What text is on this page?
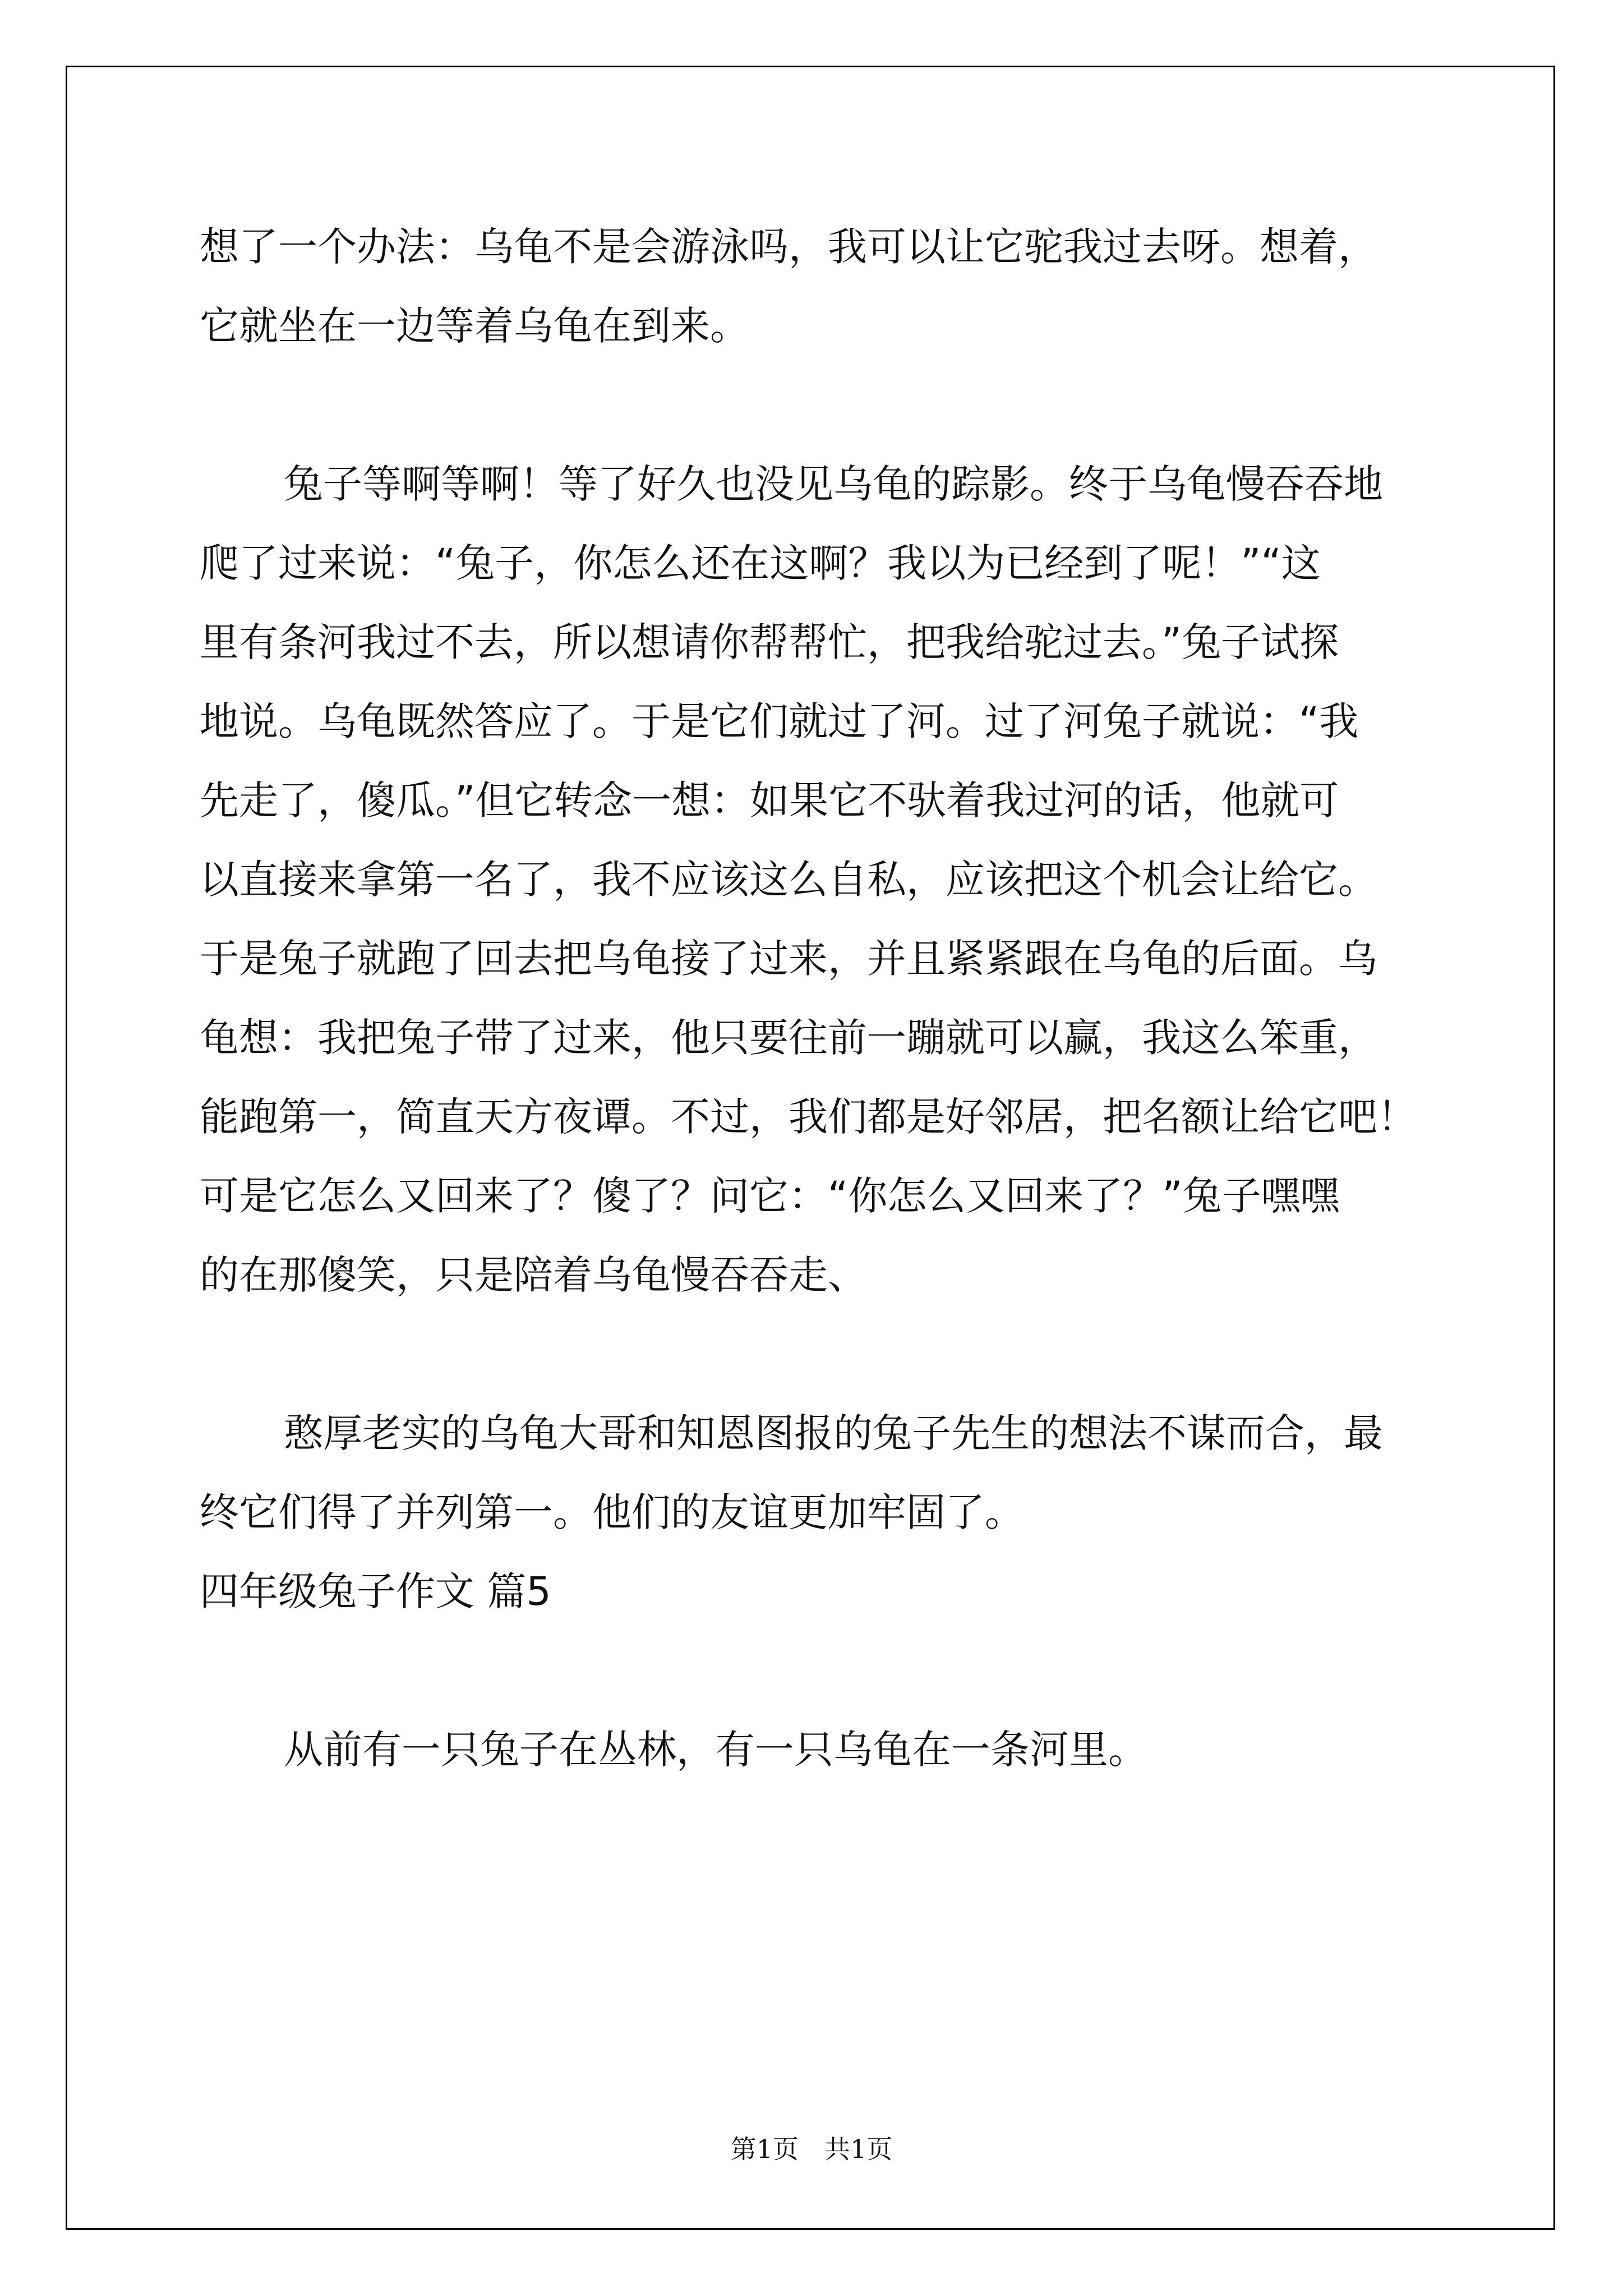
想了一个办法：乌龟不是会游泳吗，我可以让它驼我过去呀。想着，
它就坐在一边等着乌龟在到来。
兔子等啊等啊！等了好久也没见乌龟的踪影。终于乌龟慢吞吞地
爬了过来说：“兔子，你怎么还在这啊？我以为已经到了呢！”“这
里有条河我过不去，所以想请你帮帮忙，把我给驼过去。”兔子试探
地说。乌龟既然答应了。于是它们就过了河。过了河兔子就说：“我
先走了，傻瓜。”但它转念一想：如果它不驮着我过河的话，他就可
以直接来拿第一名了，我不应该这么自私，应该把这个机会让给它。
于是兔子就跑了回去把乌龟接了过来，并且紧紧跟在乌龟的后面。乌
龟想：我把兔子带了过来，他只要往前一蹦就可以赢，我这么笨重，
能跑第一，简直天方夜谭。不过，我们都是好邻居，把名额让给它吧！
可是它怎么又回来了？傻了？问它：“你怎么又回来了？”兔子嘿嘿
的在那傻笑，只是陪着乌龟慢吞吞走、
憨厚老实的乌龟大哥和知恩图报的兔子先生的想法不谋而合，最
终它们得了并列第一。他们的友谊更加牢固了。
四年级兔子作文 篇5
从前有一只兔子在丛林，有一只乌龟在一条河里。
第1页　共1页
